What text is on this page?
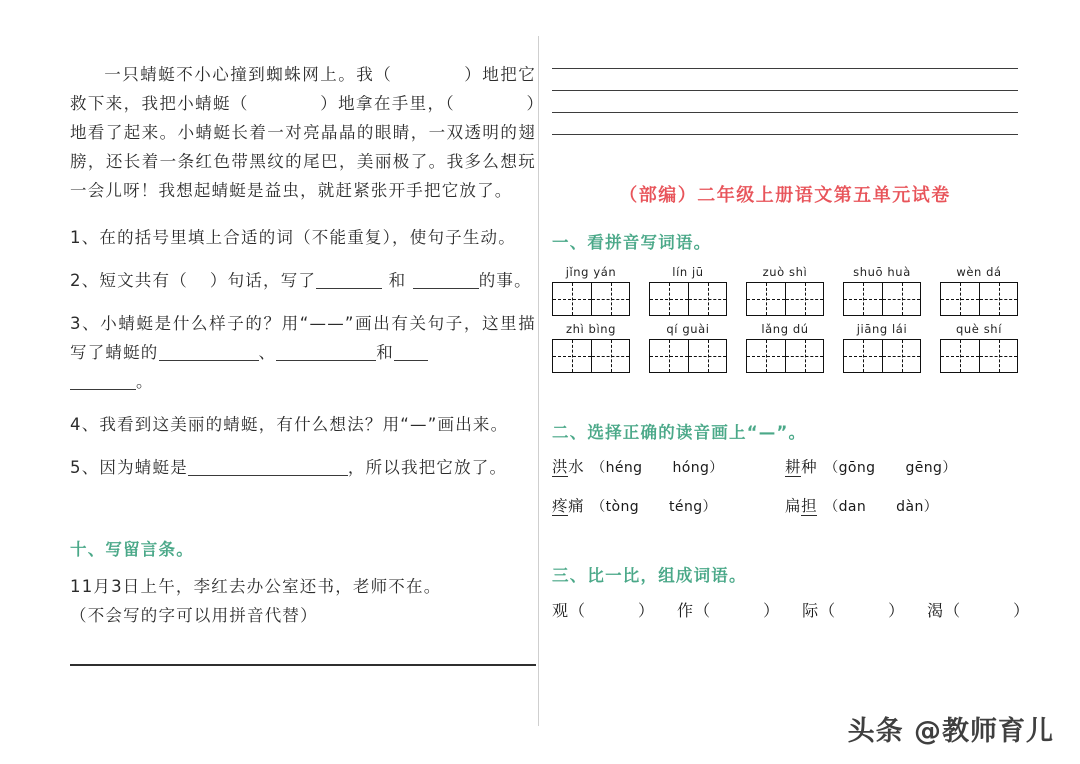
一只蜻蜓不小心撞到蜘蛛网上。我（　　　　）地把它救下来，我把小蜻蜓（　　　　）地拿在手里，（　　　　）地看了起来。小蜻蜓长着一对亮晶晶的眼睛，一双透明的翅膀，还长着一条红色带黑纹的尾巴，美丽极了。我多么想玩一会儿呀！我想起蜻蜓是益虫，就赶紧张开手把它放了。
1、在的括号里填上合适的词（不能重复），使句子生动。
2、短文共有（ ）句话，写了	和	的事。
3、小蜻蜓是什么样子的？用“——”画出有关句子，这里描写了蜻蜓的	、	和
。
4、我看到这美丽的蜻蜓，有什么想法？用“—”画出来。
5、因为蜻蜓是	，所以我把它放了。
十、写留言条。
11月3日上午，李红去办公室还书，老师不在。
（不会写的字可以用拼音代替）
（部编）二年级上册语文第五单元试卷
一、看拼音写词语。
jǐng yán	lín jū	zuò shì	shuō huà	wèn dá
zhì bìng	qí guài	lǎng dú	jiāng lái	què shí
二、选择正确的读音画上“—”。
洪水 （héng hóng）	耕种 （gōng gēng）
疼痛 （tòng téng）	扁担 （dan dàn）
三、比一比，组成词语。
观（	） 作（	） 际（	） 渴（	）
头条 @教师育儿
